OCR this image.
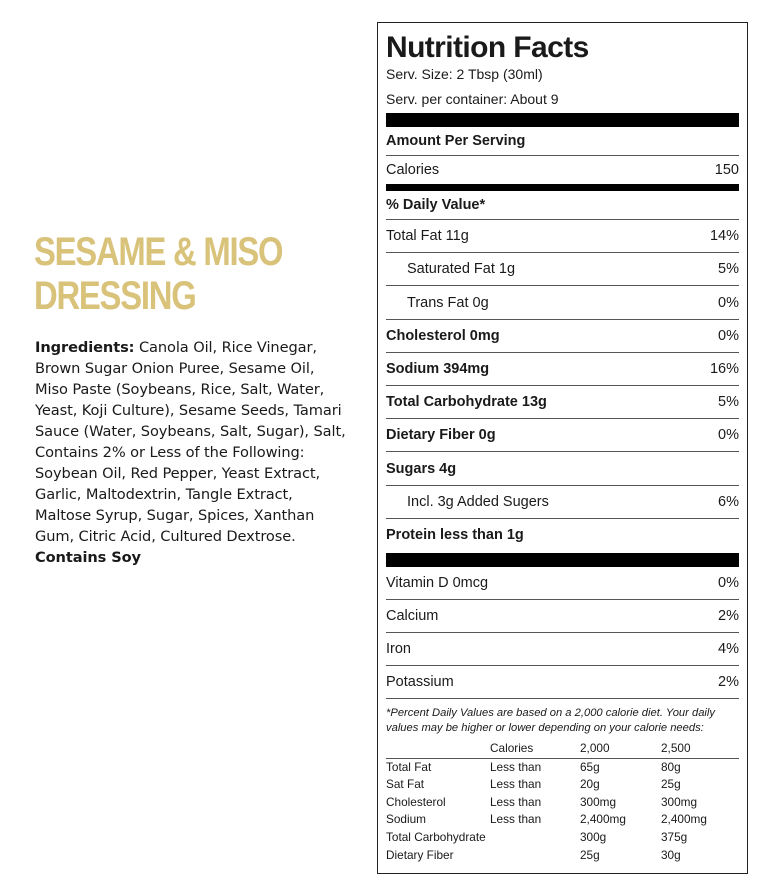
SESAME & MISO
DRESSING
Ingredients: Canola Oil, Rice Vinegar, Brown Sugar Onion Puree, Sesame Oil, Miso Paste (Soybeans, Rice, Salt, Water, Yeast, Koji Culture), Sesame Seeds, Tamari Sauce (Water, Soybeans, Salt, Sugar), Salt, Contains 2% or Less of the Following: Soybean Oil, Red Pepper, Yeast Extract, Garlic, Maltodextrin, Tangle Extract, Maltose Syrup, Sugar, Spices, Xanthan Gum, Citric Acid, Cultured Dextrose. Contains Soy
Nutrition Facts
Serv. Size: 2 Tbsp (30ml)
Serv. per container: About 9
Amount Per Serving
Calories	150
% Daily Value*
Total Fat 11g	14%
Saturated Fat 1g	5%
Trans Fat 0g	0%
Cholesterol 0mg	0%
Sodium 394mg	16%
Total Carbohydrate 13g	5%
Dietary Fiber 0g	0%
Sugars 4g
Incl. 3g Added Sugers	6%
Protein less than 1g
Vitamin D 0mcg	0%
Calcium	2%
Iron	4%
Potassium	2%
*Percent Daily Values are based on a 2,000 calorie diet. Your daily values may be higher or lower depending on your calorie needs:
	Calories	2,000	2,500
Total Fat	Less than	65g	80g
Sat Fat	Less than	20g	25g
Cholesterol	Less than	300mg	300mg
Sodium	Less than	2,400mg	2,400mg
Total Carbohydrate		300g	375g
Dietary Fiber		25g	30g
